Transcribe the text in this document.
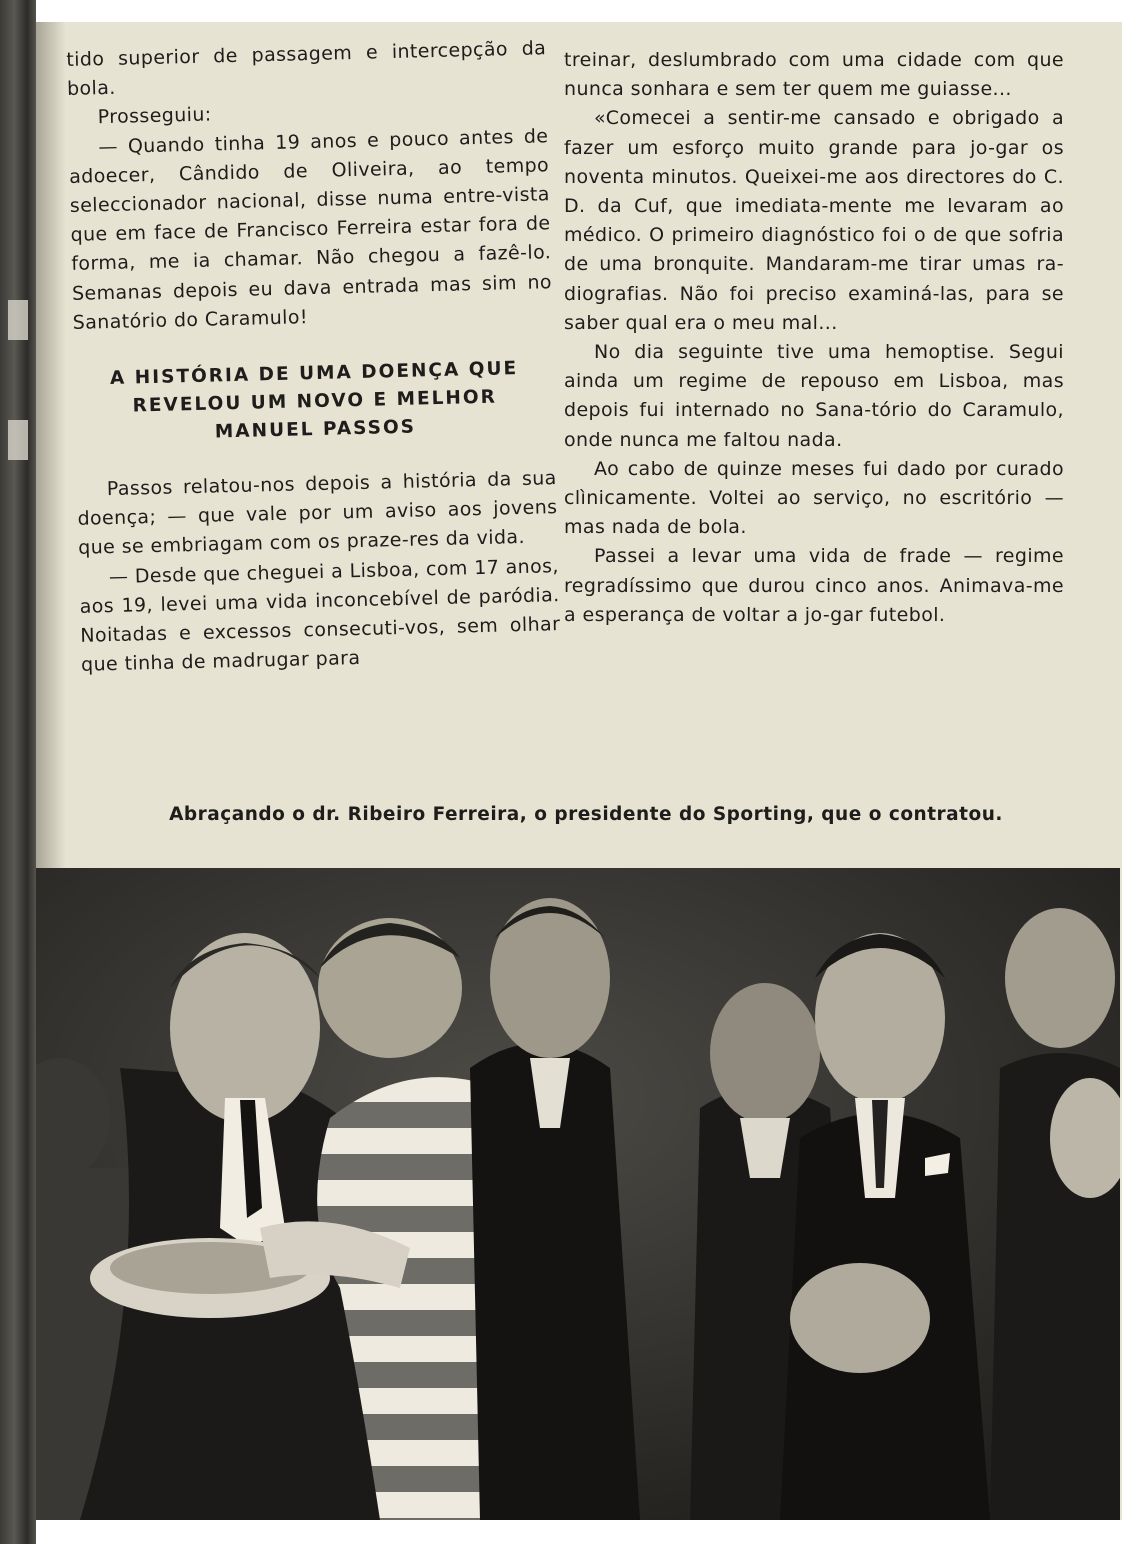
tido superior de passagem e intercepção da bola.

Prosseguiu:

— Quando tinha 19 anos e pouco antes de adoecer, Cândido de Oliveira, ao tempo seleccionador nacional, disse numa entre-vista que em face de Francisco Ferreira estar fora de forma, me ia chamar. Não chegou a fazê-lo. Semanas depois eu dava entrada mas sim no Sanatório do Caramulo!

A HISTÓRIA DE UMA DOENÇA QUE
REVELOU UM NOVO E MELHOR
MANUEL PASSOS

Passos relatou-nos depois a história da sua doença; — que vale por um aviso aos jovens que se embriagam com os praze-res da vida.

— Desde que cheguei a Lisboa, com 17 anos, aos 19, levei uma vida inconcebível de paródia. Noitadas e excessos consecuti-vos, sem olhar que tinha de madrugar para

treinar, deslumbrado com uma cidade com que nunca sonhara e sem ter quem me guiasse...

«Comecei a sentir-me cansado e obrigado a fazer um esforço muito grande para jo-gar os noventa minutos. Queixei-me aos directores do C. D. da Cuf, que imediata-mente me levaram ao médico. O primeiro diagnóstico foi o de que sofria de uma bronquite. Mandaram-me tirar umas ra-diografias. Não foi preciso examiná-las, para se saber qual era o meu mal...

No dia seguinte tive uma hemoptise. Segui ainda um regime de repouso em Lisboa, mas depois fui internado no Sana-tório do Caramulo, onde nunca me faltou nada.

Ao cabo de quinze meses fui dado por curado clìnicamente. Voltei ao serviço, no escritório — mas nada de bola.

Passei a levar uma vida de frade — regime regradíssimo que durou cinco anos. Animava-me a esperança de voltar a jo-gar futebol.

Abraçando o dr. Ribeiro Ferreira, o presidente do Sporting, que o contratou.
